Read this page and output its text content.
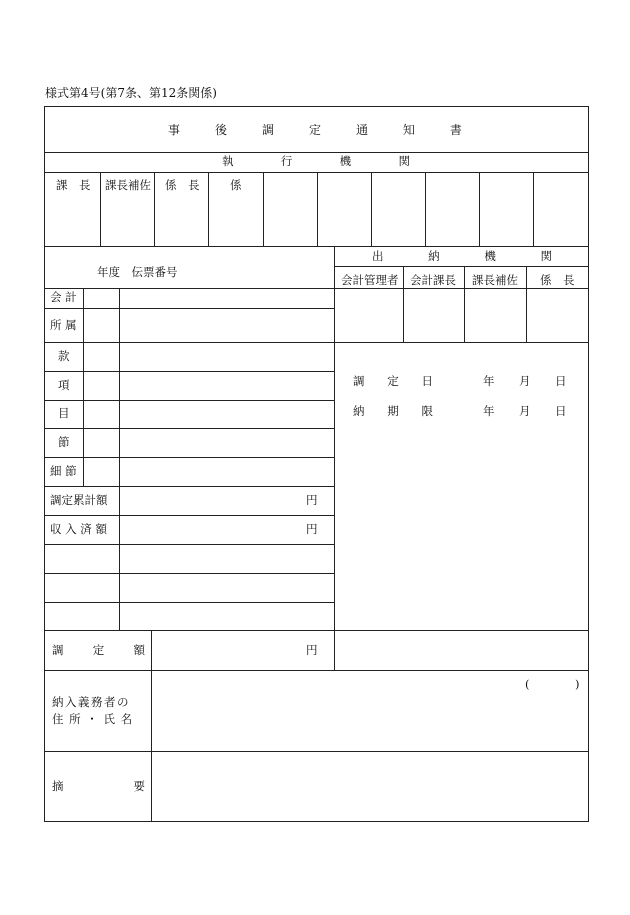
様式第4号(第7条、第12条関係)
事	後	調	定	通	知	書
執	行	機	関
課　長 課長補佐 係　長	係
年度　伝票番号
会 計
所 属
款
項
目
節
細 節
調定累計額	円
収 入 済 額	円
出	納	機	関
会計管理者 会計課長 課長補佐 係　長
調 定 日	年 月 日
納 期 限	年 月 日
調	定	額	円
納入義務者の
住 所 ・ 氏 名
(	)
摘	要
